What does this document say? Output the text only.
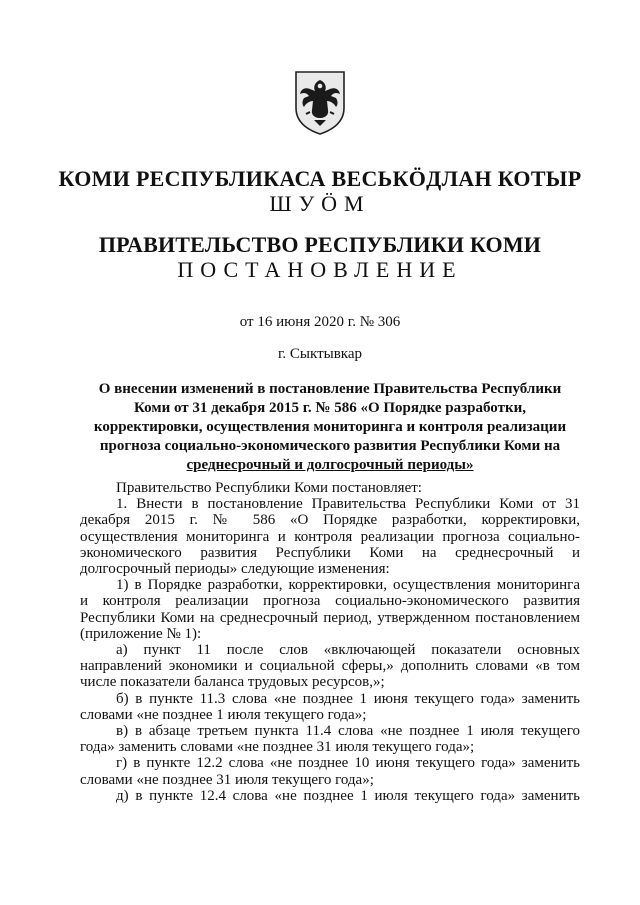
КОМИ РЕСПУБЛИКАСА ВЕСЬКÖДЛАН КОТЫР
ШУÖМ
ПРАВИТЕЛЬСТВО РЕСПУБЛИКИ КОМИ
ПОСТАНОВЛЕНИЕ
от 16 июня 2020 г. № 306
г. Сыктывкар
О внесении изменений в постановление Правительства Республики
Коми от 31 декабря 2015 г. № 586 «О Порядке разработки,
корректировки, осуществления мониторинга и контроля реализации
прогноза социально-экономического развития Республики Коми на
среднесрочный и долгосрочный периоды»
Правительство Республики Коми постановляет:
1. Внести в постановление Правительства Республики Коми от 31
декабря 2015 г. № 586 «О Порядке разработки, корректировки,
осуществления мониторинга и контроля реализации прогноза социально-
экономического развития Республики Коми на среднесрочный и
долгосрочный периоды» следующие изменения:
1) в Порядке разработки, корректировки, осуществления мониторинга
и контроля реализации прогноза социально-экономического развития
Республики Коми на среднесрочный период, утвержденном постановлением
(приложение № 1):
а) пункт 11 после слов «включающей показатели основных
направлений экономики и социальной сферы,» дополнить словами «в том
числе показатели баланса трудовых ресурсов,»;
б) в пункте 11.3 слова «не позднее 1 июня текущего года» заменить
словами «не позднее 1 июля текущего года»;
в) в абзаце третьем пункта 11.4 слова «не позднее 1 июля текущего
года» заменить словами «не позднее 31 июля текущего года»;
г) в пункте 12.2 слова «не позднее 10 июня текущего года» заменить
словами «не позднее 31 июля текущего года»;
д) в пункте 12.4 слова «не позднее 1 июля текущего года» заменить
